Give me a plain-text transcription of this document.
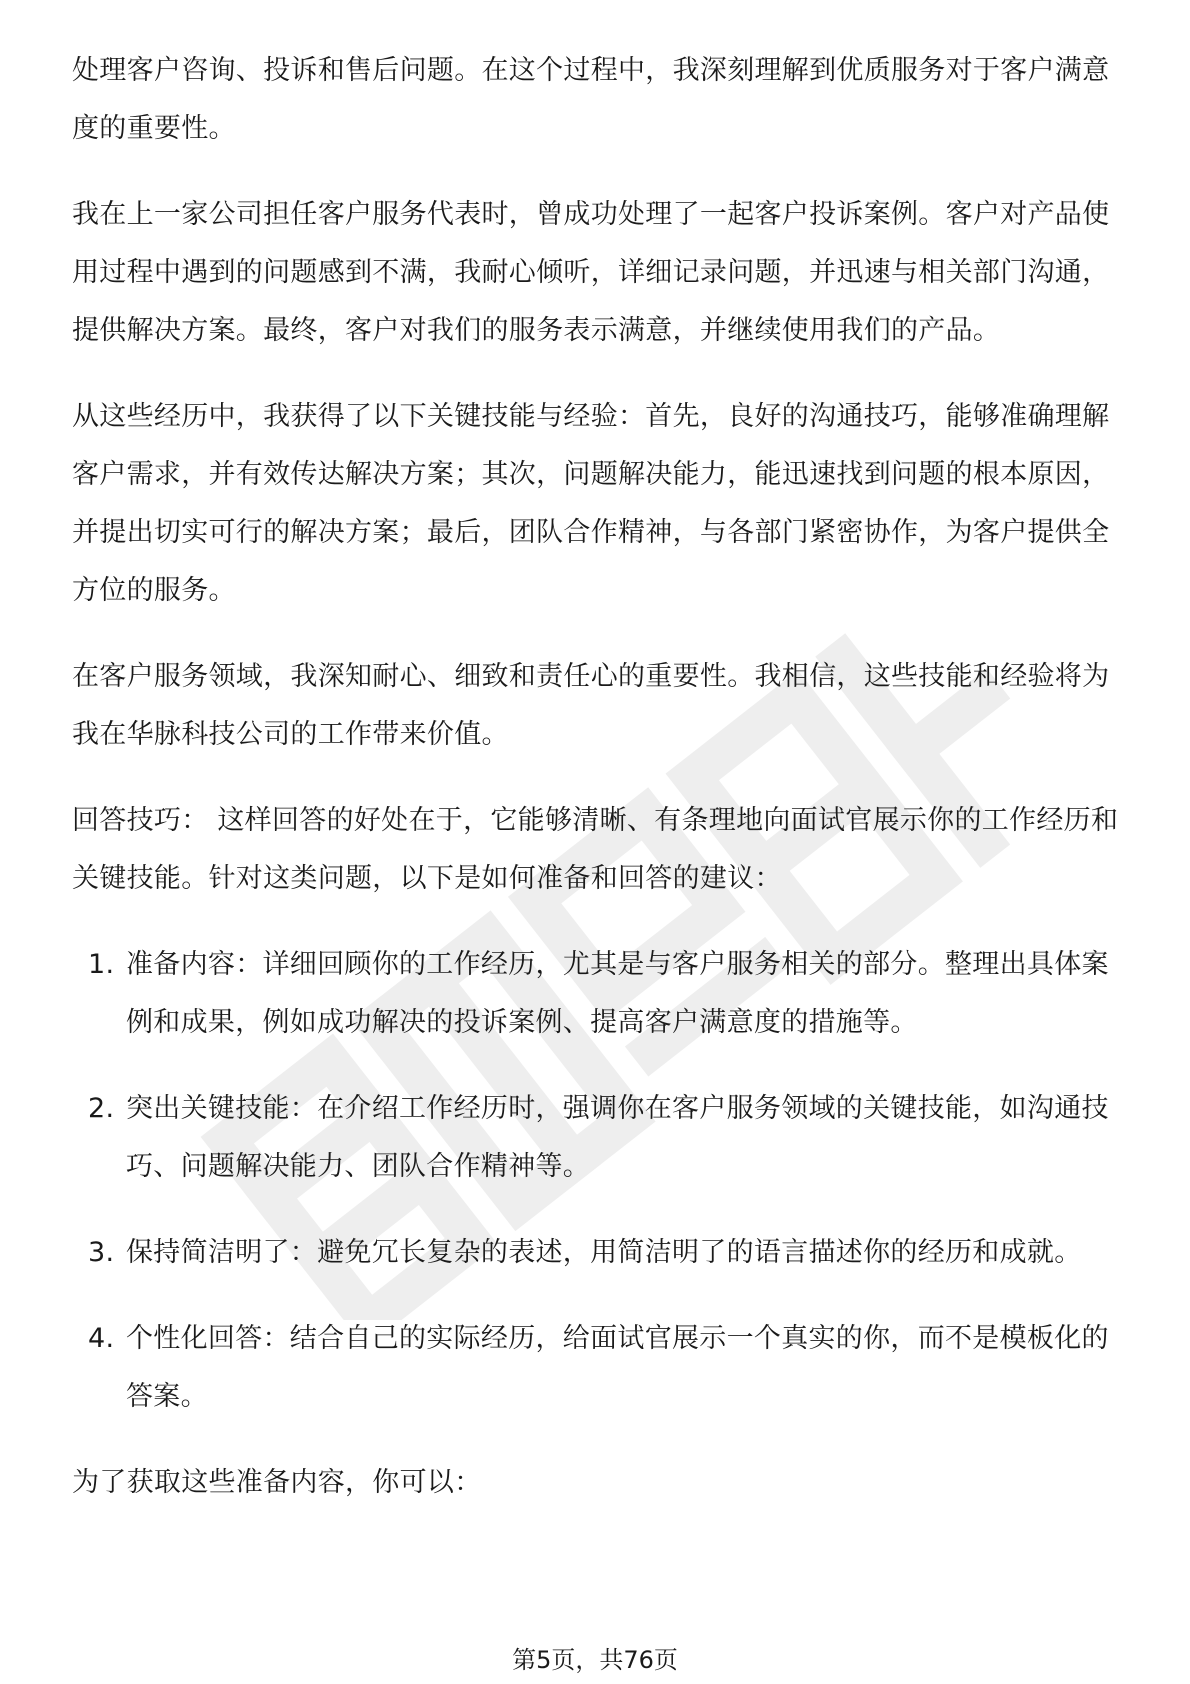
处理客户咨询、投诉和售后问题。在这个过程中，我深刻理解到优质服务对于客户满意度的重要性。

我在上一家公司担任客户服务代表时，曾成功处理了一起客户投诉案例。客户对产品使用过程中遇到的问题感到不满，我耐心倾听，详细记录问题，并迅速与相关部门沟通，提供解决方案。最终，客户对我们的服务表示满意，并继续使用我们的产品。

从这些经历中，我获得了以下关键技能与经验：首先，良好的沟通技巧，能够准确理解客户需求，并有效传达解决方案；其次，问题解决能力，能迅速找到问题的根本原因，并提出切实可行的解决方案；最后，团队合作精神，与各部门紧密协作，为客户提供全方位的服务。

在客户服务领域，我深知耐心、细致和责任心的重要性。我相信，这些技能和经验将为我在华脉科技公司的工作带来价值。

回答技巧： 这样回答的好处在于，它能够清晰、有条理地向面试官展示你的工作经历和关键技能。针对这类问题，以下是如何准备和回答的建议：

1. 准备内容：详细回顾你的工作经历，尤其是与客户服务相关的部分。整理出具体案例和成果，例如成功解决的投诉案例、提高客户满意度的措施等。
2. 突出关键技能：在介绍工作经历时，强调你在客户服务领域的关键技能，如沟通技巧、问题解决能力、团队合作精神等。
3. 保持简洁明了：避免冗长复杂的表述，用简洁明了的语言描述你的经历和成就。
4. 个性化回答：结合自己的实际经历，给面试官展示一个真实的你，而不是模板化的答案。

为了获取这些准备内容，你可以：

第5页，共76页
